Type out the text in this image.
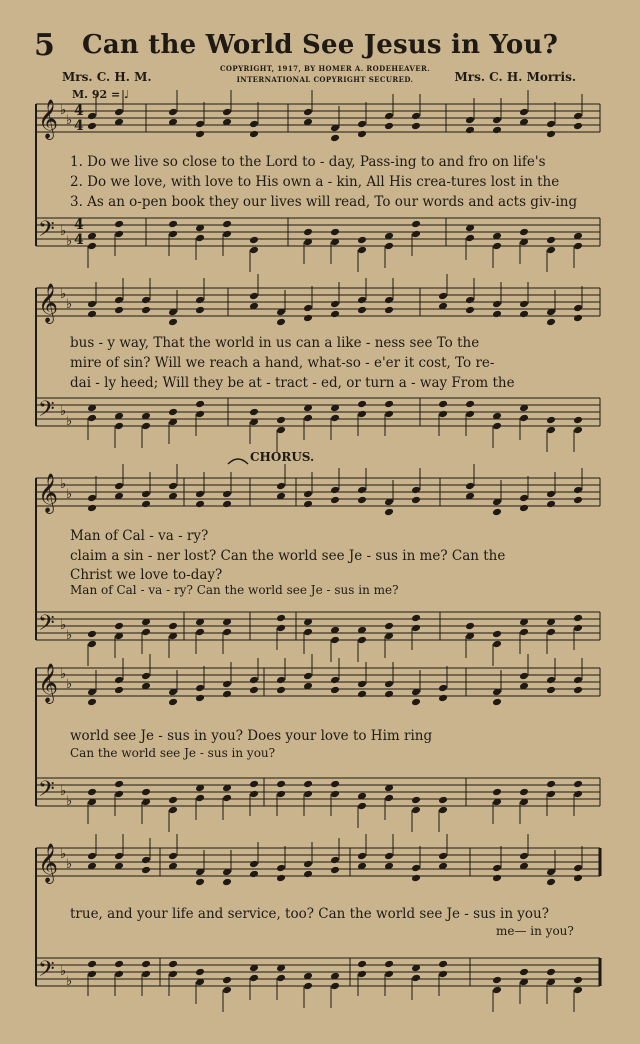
5	Can the World See Jesus in You?
Mrs. C. H. M.
COPYRIGHT, 1917, BY HOMER A. RODEHEAVER.
INTERNATIONAL COPYRIGHT SECURED.	Mrs. C. H. Morris.
M. 92 = ♩
𝄞
𝄢
♭
♭
♭
♭
𝄞
𝄢
♭
♭
♭
♭
𝄞
𝄢
♭
♭
♭
♭
𝄞
𝄢
♭
♭
♭
♭
𝄞
𝄢
♭
♭
♭
♭
4
4
4
4
CHORUS.
1. Do we live so close to the Lord to - day, Pass-ing to and fro on life's
2. Do we love, with love to His own a - kin, All His crea-tures lost in the
3. As an o-pen book they our lives will read, To our words and acts giv-ing
bus - y way, That the world in us can a like - ness see To the
mire of sin? Will we reach a hand, what-so - e'er it cost, To re-
dai - ly heed; Will they be at - tract - ed, or turn a - way From the
Man of Cal - va - ry?
claim a sin - ner lost? Can the world see Je - sus in me? Can the
Christ we love to-day?
Man of Cal - va - ry? Can the world see Je - sus in me?
world see Je - sus in you? Does your love to Him ring
Can the world see Je - sus in you?
true, and your life and service, too? Can the world see Je - sus in you?
me— in you?
